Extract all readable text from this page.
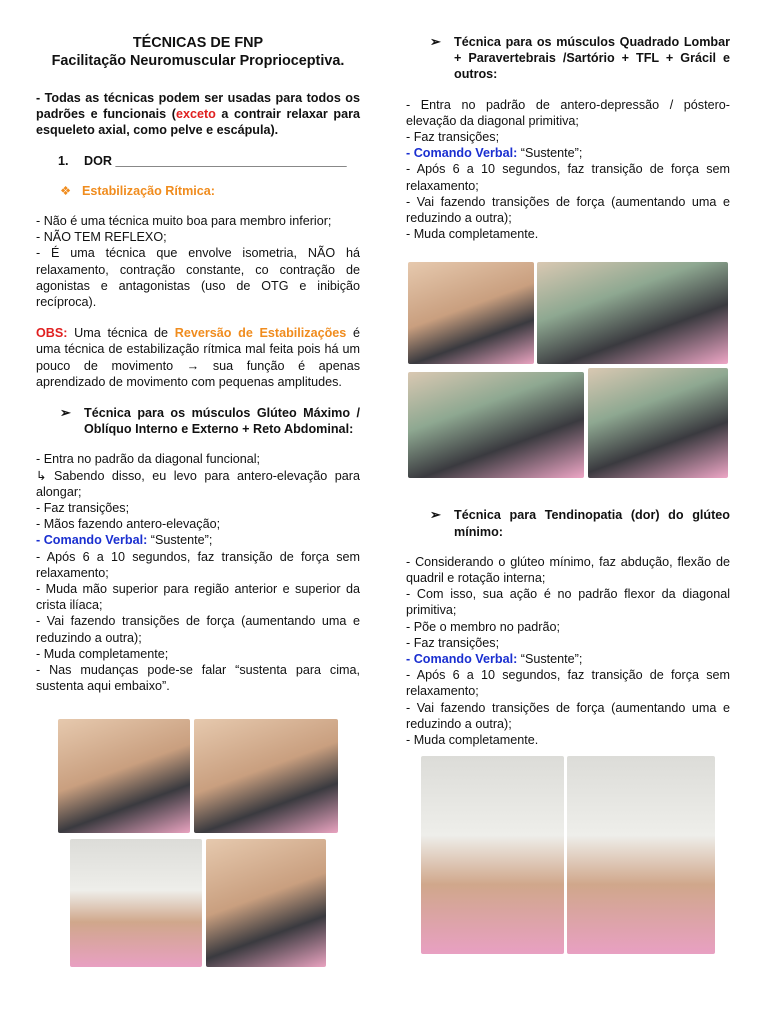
TÉCNICAS DE FNP

Facilitação Neuromuscular Proprioceptiva.

- Todas as técnicas podem ser usadas para todos os padrões e funcionais (exceto a contrair relaxar para esqueleto axial, como pelve e escápula).

1.	DOR _________________________________
❖ Estabilização Rítmica:

- Não é uma técnica muito boa para membro inferior;

- NÃO TEM REFLEXO;

- É uma técnica que envolve isometria, NÃO há relaxamento, contração constante, co contração de agonistas e antagonistas (uso de OTG e inibição recíproca).

OBS: Uma técnica de Reversão de Estabilizações é uma técnica de estabilização rítmica mal feita pois há um pouco de movimento → sua função é apenas aprendizado de movimento com pequenas amplitudes.

➢	Técnica para os músculos Glúteo Máximo / Oblíquo Interno e Externo + Reto Abdominal:

- Entra no padrão da diagonal funcional;

↳ Sabendo disso, eu levo para antero-elevação para alongar;

- Faz transições;

- Mãos fazendo antero-elevação;

- Comando Verbal: “Sustente”;

- Após 6 a 10 segundos, faz transição de força sem relaxamento;

- Muda mão superior para região anterior e superior da crista ilíaca;

- Vai fazendo transições de força (aumentando uma e reduzindo a outra);

- Muda completamente;

- Nas mudanças pode-se falar “sustenta para cima, sustenta aqui embaixo”.

➢	Técnica para os músculos Quadrado Lombar + Paravertebrais /Sartório + TFL + Grácil e outros:

- Entra no padrão de antero-depressão / póstero-elevação da diagonal primitiva;

- Faz transições;

- Comando Verbal: “Sustente”;

- Após 6 a 10 segundos, faz transição de força sem relaxamento;

- Vai fazendo transições de força (aumentando uma e reduzindo a outra);

- Muda completamente.

➢	Técnica para Tendinopatia (dor) do glúteo mínimo:

- Considerando o glúteo mínimo, faz abdução, flexão de quadril e rotação interna;

- Com isso, sua ação é no padrão flexor da diagonal primitiva;

- Põe o membro no padrão;

- Faz transições;

- Comando Verbal: “Sustente”;

- Após 6 a 10 segundos, faz transição de força sem relaxamento;

- Vai fazendo transições de força (aumentando uma e reduzindo a outra);

- Muda completamente.
